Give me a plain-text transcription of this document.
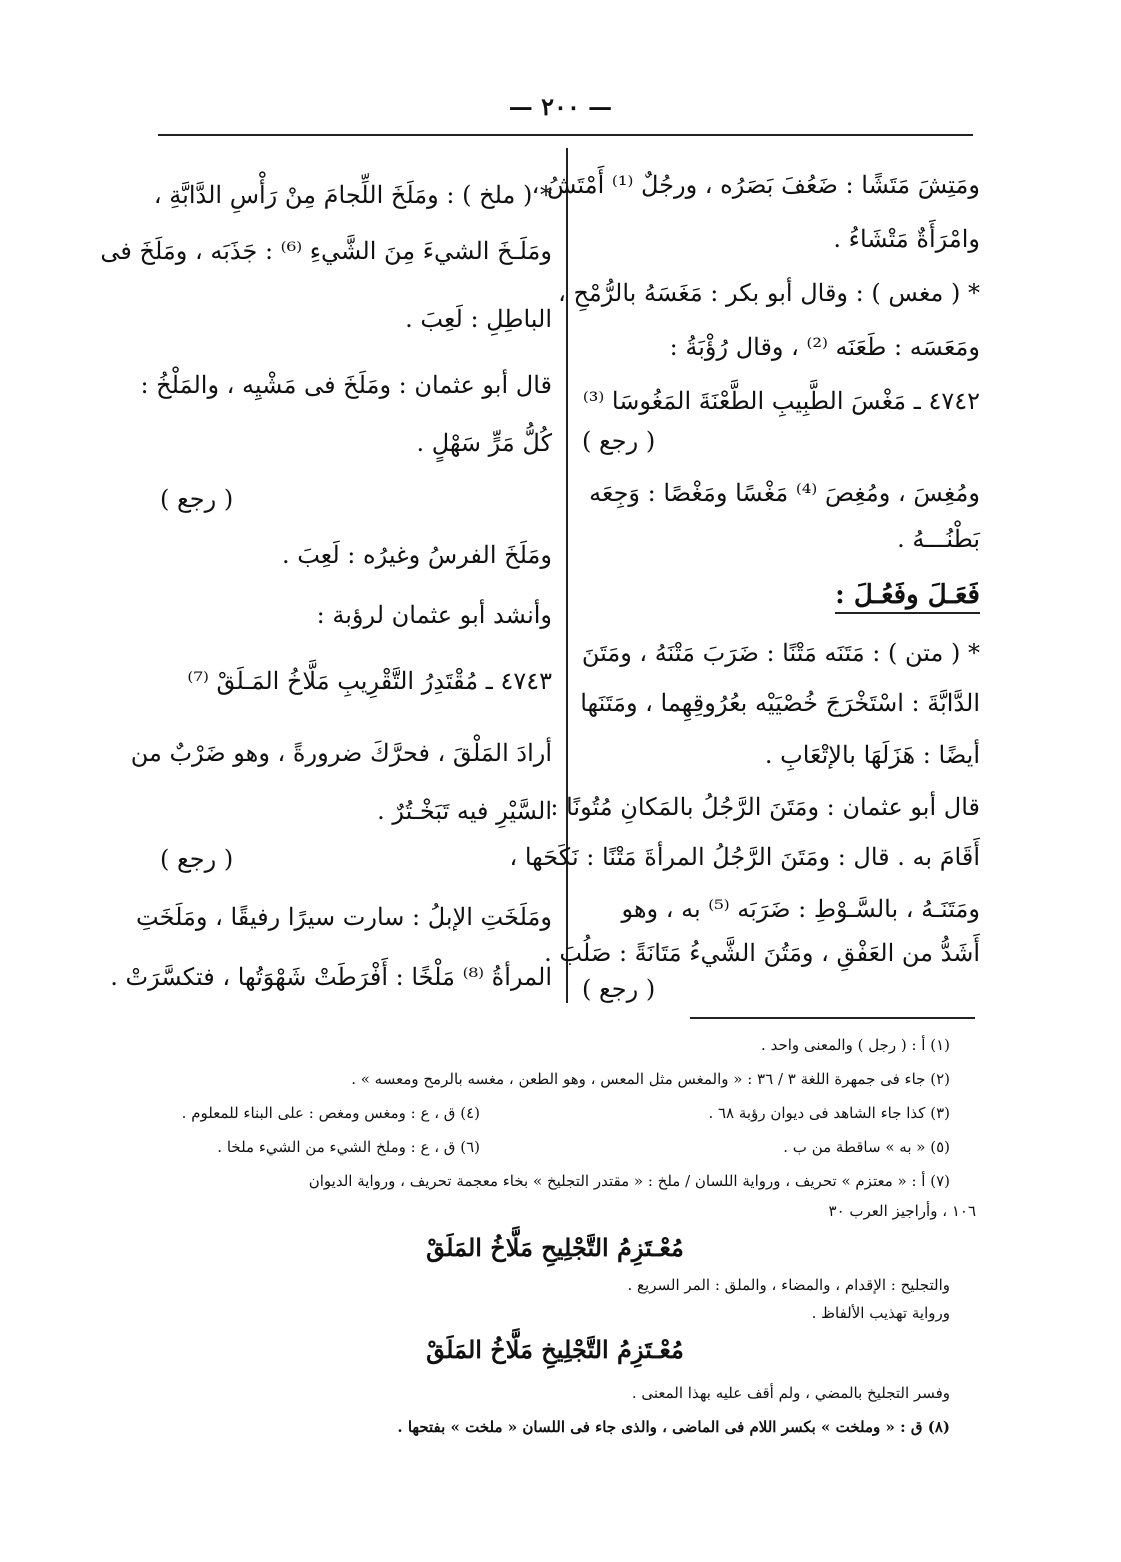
— ٢٠٠ —
ومَتِشَ مَتَشًا : ضَعُفَ بَصَرُه ، ورجُلٌ ⁽¹⁾ أَمْتَشُ ،
وامْرَأَةٌ مَتْشَاءُ .
* ( مغس ) : وقال أبو بكر : مَغَسَهُ بالرُّمْحِ ،
ومَعَسَه : طَعَنَه ⁽²⁾ ، وقال رُؤْبَةُ :
٤٧٤٢ ـ مَغْسَ الطَّبِيبِ الطَّعْنَةَ المَغُوسَا ⁽³⁾
( رجع )
ومُغِسَ ، ومُغِصَ ⁽⁴⁾ مَغْسًا ومَغْصًا : وَجِعَه
بَطْنُـــهُ .
فَعَـلَ وفَعُـلَ :
* ( متن ) : مَتَنَه مَتْنًا : ضَرَبَ مَتْنَهُ ، ومَتَنَ
الدَّابَّةَ : اسْتَخْرَجَ خُصْيَيْه بعُرُوقِهِما ، ومَتَنَها
أيضًا : هَزَلَهَا بالإتْعَابِ .
قال أبو عثمان : ومَتَنَ الرَّجُلُ بالمَكانِ مُتُونًا :
أَقَامَ به . قال : ومَتَنَ الرَّجُلُ المرأةَ مَتْنًا : نَكَحَها ،
ومَتَنَـهُ ، بالسَّـوْطِ : ضَرَبَه ⁽⁵⁾ به ، وهو
أَشَدُّ من العَفْقِ ، ومَتُنَ الشَّيءُ مَتَانَةً : صَلُبَ .
( رجع )
* ( ملخ ) : ومَلَخَ اللِّجامَ مِنْ رَأْسِ الدَّابَّةِ ،
ومَلَـخَ الشيءَ مِنَ الشَّيءِ ⁽⁶⁾ : جَذَبَه ، ومَلَخَ فى
الباطِلِ : لَعِبَ .
قال أبو عثمان : ومَلَخَ فى مَشْيِه ، والمَلْخُ :
كُلُّ مَرٍّ سَهْلٍ .
( رجع )
ومَلَخَ الفرسُ وغيرُه : لَعِبَ .
وأنشد أبو عثمان لرؤبة :
٤٧٤٣ ـ مُقْتَدِرُ التَّقْرِيبِ مَلَّاخُ المَـلَقْ ⁽⁷⁾
أرادَ المَلْقَ ، فحرَّكَ ضرورةً ، وهو ضَرْبٌ من
السَّيْرِ فيه تَبَخْـتُرٌ .
( رجع )
ومَلَخَتِ الإبلُ : سارت سيرًا رفيقًا ، ومَلَخَتِ
المرأةُ ⁽⁸⁾ مَلْخًا : أَفْرَطَتْ شَهْوَتُها ، فتكسَّرَتْ .
(١) أ : ( رجل ) والمعنى واحد .
(٢) جاء فى جمهرة اللغة ٣ / ٣٦ : « والمغس مثل المعس ، وهو الطعن ، مغسه بالرمح ومعسه » .
(٣) كذا جاء الشاهد فى ديوان رؤبة ٦٨ .
(٤) ق ، ع : ومغس ومغص : على البناء للمعلوم .
(٥) « به » ساقطة من ب .
(٦) ق ، ع : وملخ الشيء من الشيء ملخا .
(٧) أ : « معتزم » تحريف ، ورواية اللسان / ملخ : « مقتدر التجليخ » بخاء معجمة تحريف ، ورواية الديوان
١٠٦ ، وأراجيز العرب ٣٠
مُعْـتَزِمُ التَّجْلِيحِ مَلَّاخُ المَلَقْ
والتجليح : الإقدام ، والمضاء ، والملق : المر السريع .
ورواية تهذيب الألفاظ .
مُعْـتَزِمُ التَّجْلِيخِ مَلَّاخُ المَلَقْ
وفسر التجليخ بالمضي ، ولم أقف عليه بهذا المعنى .
(٨) ق : « وملخت » بكسر اللام فى الماضى ، والذى جاء فى اللسان « ملخت » بفتحها .
